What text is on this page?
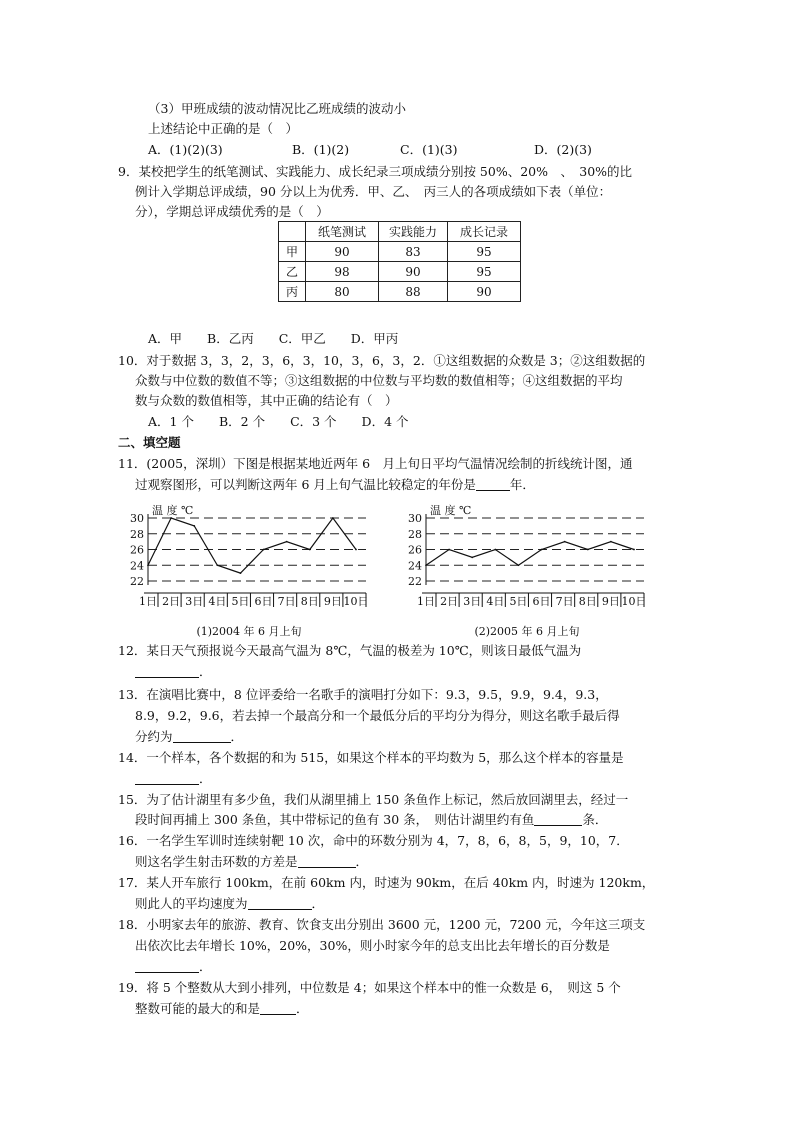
（3）甲班成绩的波动情况比乙班成绩的波动小
上述结论中正确的是（　）
A．(1)(2)(3)	B．(1)(2)	C．(1)(3)	D．(2)(3)
9．某校把学生的纸笔测试、实践能力、成长纪录三项成绩分别按 50%、20%　、　30%的比
例计入学期总评成绩，90 分以上为优秀．甲、乙、　丙三人的各项成绩如下表（单位：
分），学期总评成绩优秀的是（　）
	纸笔测试	实践能力	成长记录
甲	90	83	95
乙	98	90	95
丙	80	88	90
A．甲　　B．乙丙　　C．甲乙　　D．甲丙
10．对于数据 3，3，2，3，6，3，10，3，6，3，2．①这组数据的众数是 3；②这组数据的
众数与中位数的数值不等；③这组数据的中位数与平均数的数值相等；④这组数据的平均
数与众数的数值相等，其中正确的结论有（　）
A．1 个　　B．2 个　　C．3 个　　D．4 个
二、填空题
11．(2005，深圳）下图是根据某地近两年 6　月上旬日平均气温情况绘制的折线统计图，通
过观察图形，可以判断这两年 6 月上旬气温比较稳定的年份是	年．
22
24
26
28
30
温 度 ℃
1日 2日 3日 4日 5日 6日 7日 8日 9日 10日
(1)2004 年 6 月上旬
22
24
26
28
30
温 度 ℃
1日 2日 3日 4日 5日 6日 7日 8日 9日 10日
(2)2005 年 6 月上旬
12．某日天气预报说今天最高气温为 8℃，气温的极差为 10℃，则该日最低气温为
．
13．在演唱比赛中，8 位评委给一名歌手的演唱打分如下：9.3，9.5，9.9，9.4，9.3，
8.9，9.2，9.6，若去掉一个最高分和一个最低分后的平均分为得分，则这名歌手最后得
分约为	．
14．一个样本，各个数据的和为 515，如果这个样本的平均数为 5，那么这个样本的容量是
．
15．为了估计湖里有多少鱼，我们从湖里捕上 150 条鱼作上标记，然后放回湖里去，经过一
段时间再捕上 300 条鱼，其中带标记的鱼有 30 条，　则估计湖里约有鱼	条．
16．一名学生军训时连续射靶 10 次，命中的环数分别为 4，7，8，6，8，5，9，10，7．
则这名学生射击环数的方差是	．
17．某人开车旅行 100km，在前 60km 内，时速为 90km，在后 40km 内，时速为 120km，
则此人的平均速度为	．
18．小明家去年的旅游、教育、饮食支出分别出 3600 元，1200 元，7200 元，今年这三项支
出依次比去年增长 10%，20%，30%，则小时家今年的总支出比去年增长的百分数是
．
19．将 5 个整数从大到小排列，中位数是 4；如果这个样本中的惟一众数是 6，　则这 5 个
整数可能的最大的和是	．
